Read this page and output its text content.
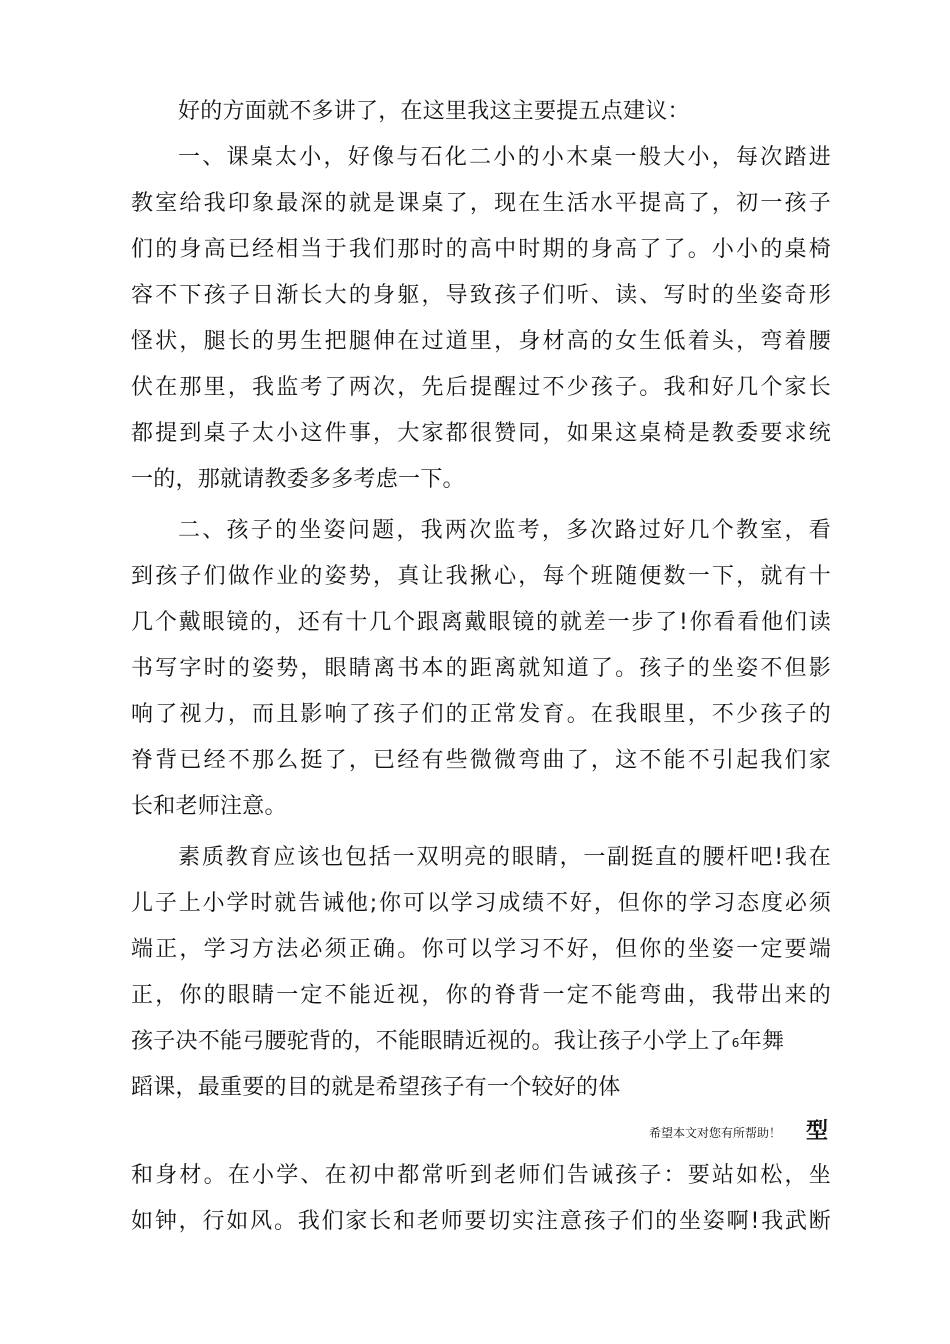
好的方面就不多讲了，在这里我这主要提五点建议：
一、课桌太小，好像与石化二小的小木桌一般大小，每次踏进
教室给我印象最深的就是课桌了，现在生活水平提高了，初一孩子
们的身高已经相当于我们那时的高中时期的身高了了。小小的桌椅
容不下孩子日渐长大的身躯，导致孩子们听、读、写时的坐姿奇形
怪状，腿长的男生把腿伸在过道里，身材高的女生低着头，弯着腰
伏在那里，我监考了两次，先后提醒过不少孩子。我和好几个家长
都提到桌子太小这件事，大家都很赞同，如果这桌椅是教委要求统
一的，那就请教委多多考虑一下。
二、孩子的坐姿问题，我两次监考，多次路过好几个教室，看
到孩子们做作业的姿势，真让我揪心，每个班随便数一下，就有十
几个戴眼镜的，还有十几个跟离戴眼镜的就差一步了!你看看他们读
书写字时的姿势，眼睛离书本的距离就知道了。孩子的坐姿不但影
响了视力，而且影响了孩子们的正常发育。在我眼里，不少孩子的
脊背已经不那么挺了，已经有些微微弯曲了，这不能不引起我们家
长和老师注意。
素质教育应该也包括一双明亮的眼睛，一副挺直的腰杆吧!我在
儿子上小学时就告诫他;你可以学习成绩不好，但你的学习态度必须
端正，学习方法必须正确。你可以学习不好，但你的坐姿一定要端
正，你的眼睛一定不能近视，你的脊背一定不能弯曲，我带出来的
孩子决不能弓腰驼背的，不能眼睛近视的。我让孩子小学上了6年舞
蹈课，最重要的目的就是希望孩子有一个较好的体
希望本文对您有所帮助！ 型
和身材。在小学、在初中都常听到老师们告诫孩子：要站如松，坐
如钟，行如风。我们家长和老师要切实注意孩子们的坐姿啊!我武断
